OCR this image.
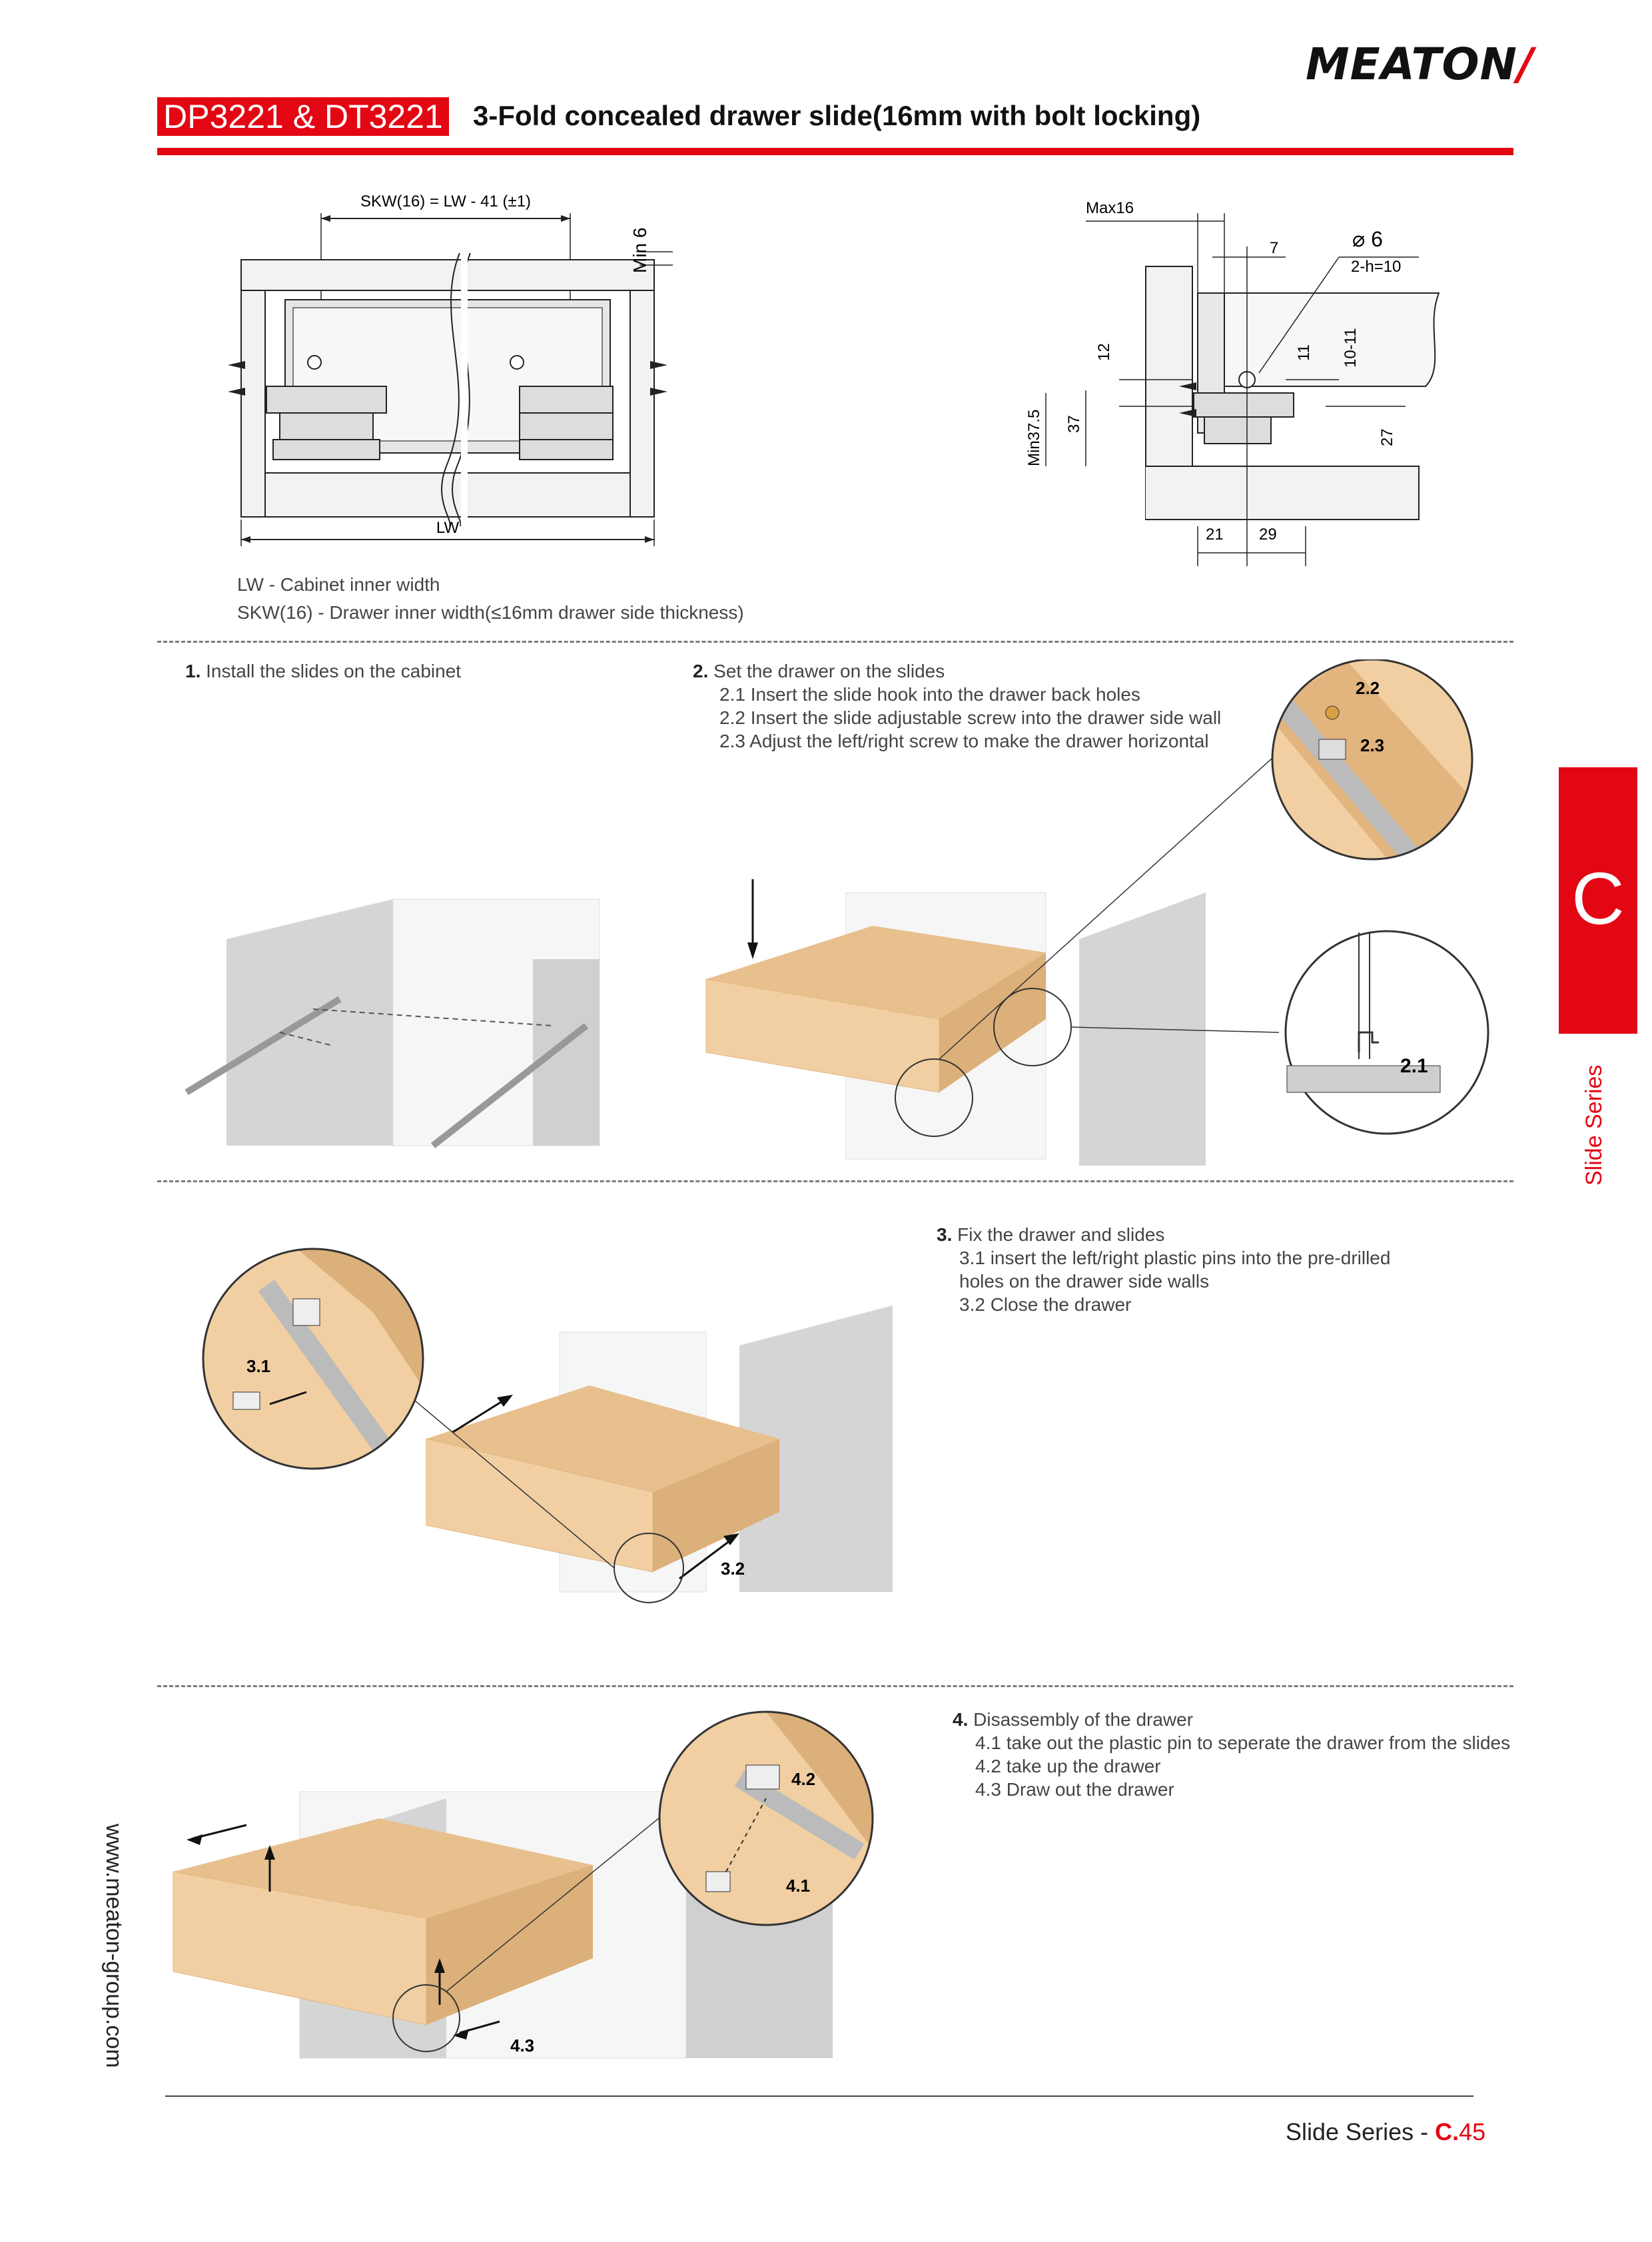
MEATON/
DP3221 & DT3221 3-Fold concealed drawer slide(16mm with bolt locking)
SKW(16) = LW - 41 (±1)
Min 6
LW
Max16
7	⌀ 6
2-h=10
12	11 10-11
27
Min37.5 37
21 29
LW - Cabinet inner width
SKW(16) - Drawer inner width(≤16mm drawer side thickness)
1. Install the slides on the cabinet	2. Set the drawer on the slides
2.1 Insert the slide hook into the drawer back holes
2.2 Insert the slide adjustable screw into the drawer side wall
2.3 Adjust the left/right screw to make the drawer horizontal
2.2
2.3
2.1
3. Fix the drawer and slides
3.1 insert the left/right plastic pins into the pre-drilled
holes on the drawer side walls
3.2 Close the drawer
3.1
3.2
4. Disassembly of the drawer
4.1 take out the plastic pin to seperate the drawer from the slides
4.2 take up the drawer
4.3 Draw out the drawer
4.2
4.1
4.3
C
Slide Series
www.meaton-group.com
Slide Series - C.45
